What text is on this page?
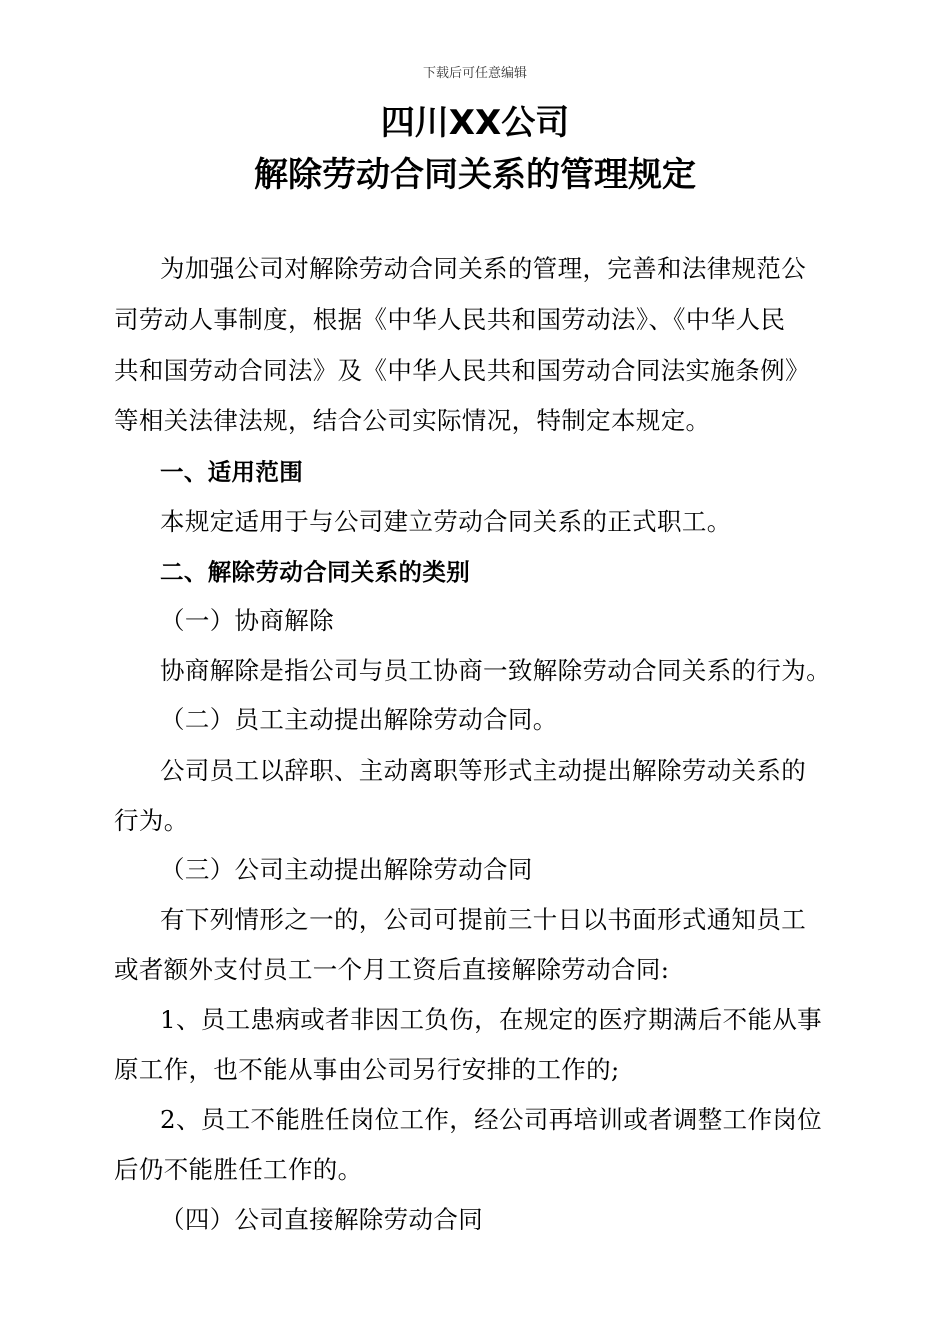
下载后可任意编辑
四川XX公司
解除劳动合同关系的管理规定
为加强公司对解除劳动合同关系的管理，完善和法律规范公
司劳动人事制度，根据《中华人民共和国劳动法》、《中华人民
共和国劳动合同法》及《中华人民共和国劳动合同法实施条例》
等相关法律法规，结合公司实际情况，特制定本规定。
一、适用范围
本规定适用于与公司建立劳动合同关系的正式职工。
二、解除劳动合同关系的类别
（一）协商解除
协商解除是指公司与员工协商一致解除劳动合同关系的行为。
（二）员工主动提出解除劳动合同。
公司员工以辞职、主动离职等形式主动提出解除劳动关系的
行为。
（三）公司主动提出解除劳动合同
有下列情形之一的，公司可提前三十日以书面形式通知员工
或者额外支付员工一个月工资后直接解除劳动合同:
1、员工患病或者非因工负伤，在规定的医疗期满后不能从事
原工作，也不能从事由公司另行安排的工作的;
2、员工不能胜任岗位工作，经公司再培训或者调整工作岗位
后仍不能胜任工作的。
（四）公司直接解除劳动合同
